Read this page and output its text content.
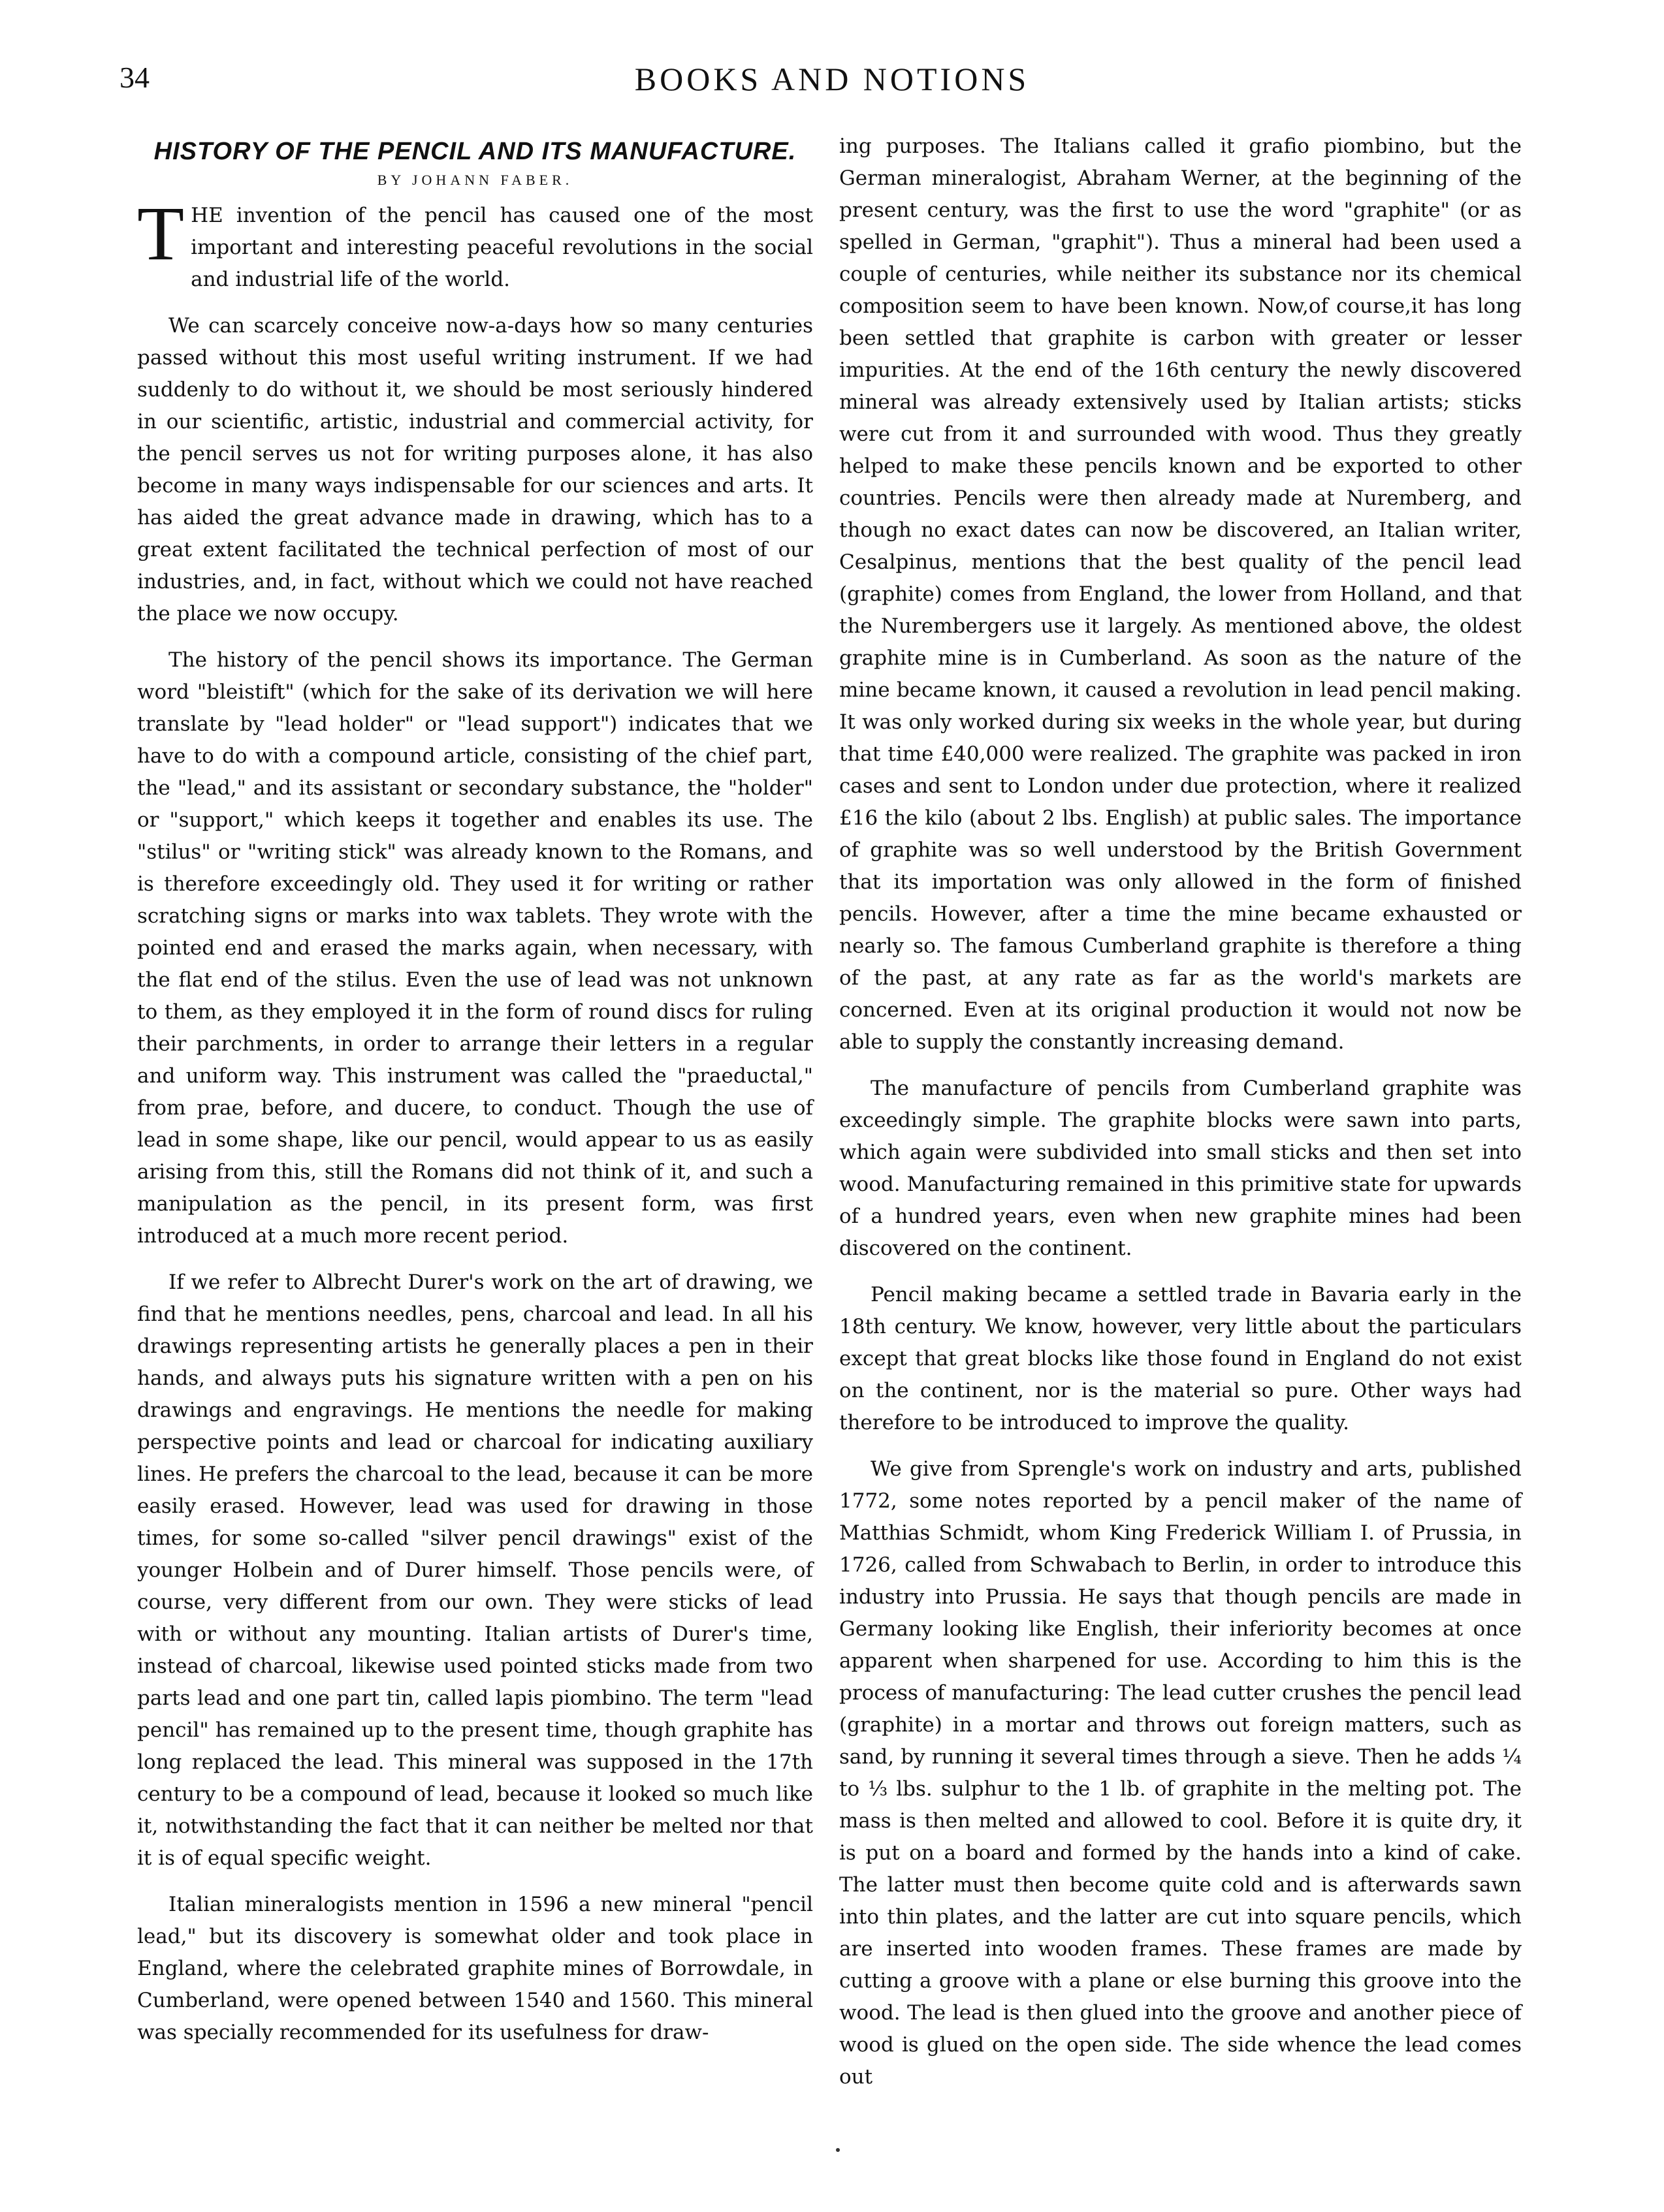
34	BOOKS AND NOTIONS
HISTORY OF THE PENCIL AND ITS MANUFACTURE.
BY JOHANN FABER.

THE invention of the pencil has caused one of the most important and interesting peaceful revolutions in the social and industrial life of the world.

We can scarcely conceive now-a-days how so many centuries passed without this most useful writing instrument. If we had suddenly to do without it, we should be most seriously hindered in our scientific, artistic, industrial and commercial activity, for the pencil serves us not for writing purposes alone, it has also become in many ways indispensable for our sciences and arts. It has aided the great advance made in drawing, which has to a great extent facilitated the technical perfection of most of our industries, and, in fact, without which we could not have reached the place we now occupy.

The history of the pencil shows its importance. The German word "bleistift" (which for the sake of its derivation we will here translate by "lead holder" or "lead support") indicates that we have to do with a compound article, consisting of the chief part, the "lead," and its assistant or secondary substance, the "holder" or "support," which keeps it together and enables its use. The "stilus" or "writing stick" was already known to the Romans, and is therefore exceedingly old. They used it for writing or rather scratching signs or marks into wax tablets. They wrote with the pointed end and erased the marks again, when necessary, with the flat end of the stilus. Even the use of lead was not unknown to them, as they employed it in the form of round discs for ruling their parchments, in order to arrange their letters in a regular and uniform way. This instrument was called the "praeductal," from prae, before, and ducere, to conduct. Though the use of lead in some shape, like our pencil, would appear to us as easily arising from this, still the Romans did not think of it, and such a manipulation as the pencil, in its present form, was first introduced at a much more recent period.

If we refer to Albrecht Durer's work on the art of drawing, we find that he mentions needles, pens, charcoal and lead. In all his drawings representing artists he generally places a pen in their hands, and always puts his signature written with a pen on his drawings and engravings. He mentions the needle for making perspective points and lead or charcoal for indicating auxiliary lines. He prefers the charcoal to the lead, because it can be more easily erased. However, lead was used for drawing in those times, for some so-called "silver pencil drawings" exist of the younger Holbein and of Durer himself. Those pencils were, of course, very different from our own. They were sticks of lead with or without any mounting. Italian artists of Durer's time, instead of charcoal, likewise used pointed sticks made from two parts lead and one part tin, called lapis piombino. The term "lead pencil" has remained up to the present time, though graphite has long replaced the lead. This mineral was supposed in the 17th century to be a compound of lead, because it looked so much like it, notwithstanding the fact that it can neither be melted nor that it is of equal specific weight.

Italian mineralogists mention in 1596 a new mineral "pencil lead," but its discovery is somewhat older and took place in England, where the celebrated graphite mines of Borrowdale, in Cumberland, were opened between 1540 and 1560. This mineral was specially recommended for its usefulness for draw-

ing purposes. The Italians called it grafio piombino, but the German mineralogist, Abraham Werner, at the beginning of the present century, was the first to use the word "graphite" (or as spelled in German, "graphit"). Thus a mineral had been used a couple of centuries, while neither its substance nor its chemical composition seem to have been known. Now,of course,it has long been settled that graphite is carbon with greater or lesser impurities. At the end of the 16th century the newly discovered mineral was already extensively used by Italian artists; sticks were cut from it and surrounded with wood. Thus they greatly helped to make these pencils known and be exported to other countries. Pencils were then already made at Nuremberg, and though no exact dates can now be discovered, an Italian writer, Cesalpinus, mentions that the best quality of the pencil lead (graphite) comes from England, the lower from Holland, and that the Nurembergers use it largely. As mentioned above, the oldest graphite mine is in Cumberland. As soon as the nature of the mine became known, it caused a revolution in lead pencil making. It was only worked during six weeks in the whole year, but during that time £40,000 were realized. The graphite was packed in iron cases and sent to London under due protection, where it realized £16 the kilo (about 2 lbs. English) at public sales. The importance of graphite was so well understood by the British Government that its importation was only allowed in the form of finished pencils. However, after a time the mine became exhausted or nearly so. The famous Cumberland graphite is therefore a thing of the past, at any rate as far as the world's markets are concerned. Even at its original production it would not now be able to supply the constantly increasing demand.

The manufacture of pencils from Cumberland graphite was exceedingly simple. The graphite blocks were sawn into parts, which again were subdivided into small sticks and then set into wood. Manufacturing remained in this primitive state for upwards of a hundred years, even when new graphite mines had been discovered on the continent.

Pencil making became a settled trade in Bavaria early in the 18th century. We know, however, very little about the particulars except that great blocks like those found in England do not exist on the continent, nor is the material so pure. Other ways had therefore to be introduced to improve the quality.

We give from Sprengle's work on industry and arts, published 1772, some notes reported by a pencil maker of the name of Matthias Schmidt, whom King Frederick William I. of Prussia, in 1726, called from Schwabach to Berlin, in order to introduce this industry into Prussia. He says that though pencils are made in Germany looking like English, their inferiority becomes at once apparent when sharpened for use. According to him this is the process of manufacturing: The lead cutter crushes the pencil lead (graphite) in a mortar and throws out foreign matters, such as sand, by running it several times through a sieve. Then he adds ¼ to ⅓ lbs. sulphur to the 1 lb. of graphite in the melting pot. The mass is then melted and allowed to cool. Before it is quite dry, it is put on a board and formed by the hands into a kind of cake. The latter must then become quite cold and is afterwards sawn into thin plates, and the latter are cut into square pencils, which are inserted into wooden frames. These frames are made by cutting a groove with a plane or else burning this groove into the wood. The lead is then glued into the groove and another piece of wood is glued on the open side. The side whence the lead comes out
